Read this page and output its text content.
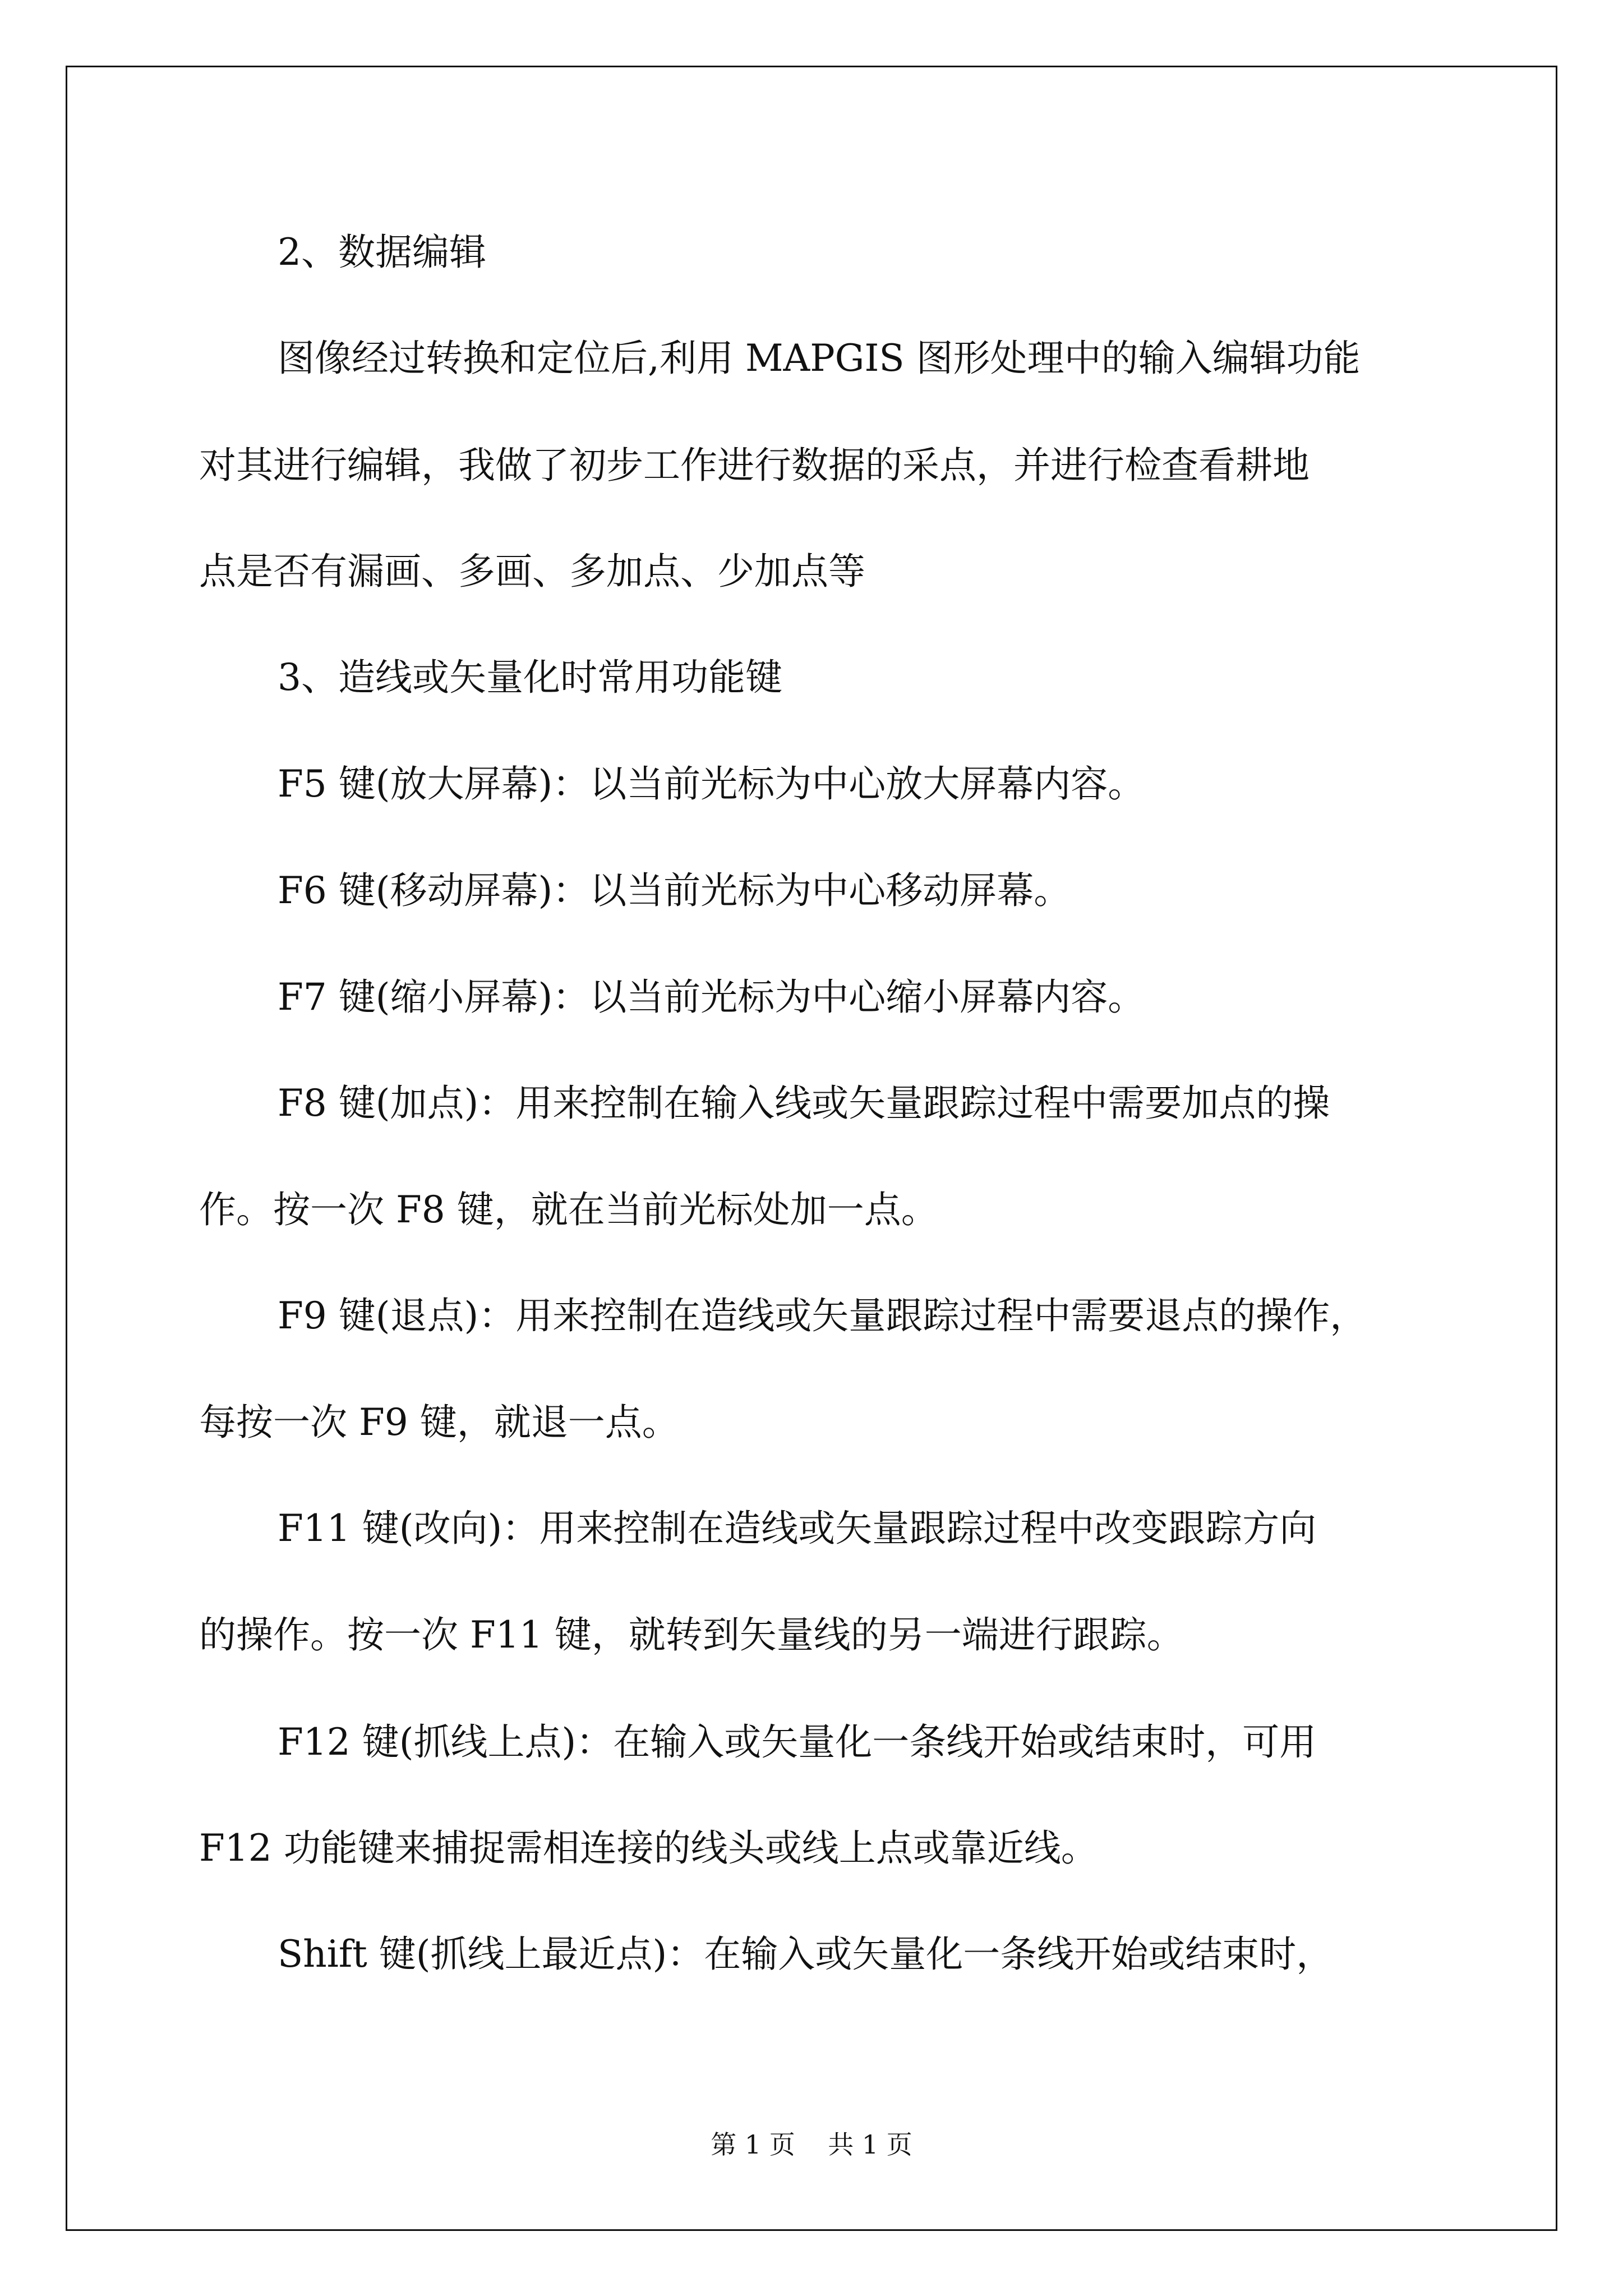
2、数据编辑

图像经过转换和定位后,利用 MAPGIS 图形处理中的输入编辑功能

对其进行编辑，我做了初步工作进行数据的采点，并进行检查看耕地

点是否有漏画、多画、多加点、少加点等

3、造线或矢量化时常用功能键

F5 键(放大屏幕)：以当前光标为中心放大屏幕内容。

F6 键(移动屏幕)：以当前光标为中心移动屏幕。

F7 键(缩小屏幕)：以当前光标为中心缩小屏幕内容。

F8 键(加点)：用来控制在输入线或矢量跟踪过程中需要加点的操

作。按一次 F8 键，就在当前光标处加一点。

F9 键(退点)：用来控制在造线或矢量跟踪过程中需要退点的操作，

每按一次 F9 键，就退一点。

F11 键(改向)：用来控制在造线或矢量跟踪过程中改变跟踪方向

的操作。按一次 F11 键，就转到矢量线的另一端进行跟踪。

F12 键(抓线上点)：在输入或矢量化一条线开始或结束时，可用

F12 功能键来捕捉需相连接的线头或线上点或靠近线。

Shift 键(抓线上最近点)：在输入或矢量化一条线开始或结束时，

第 1 页    共 1 页
